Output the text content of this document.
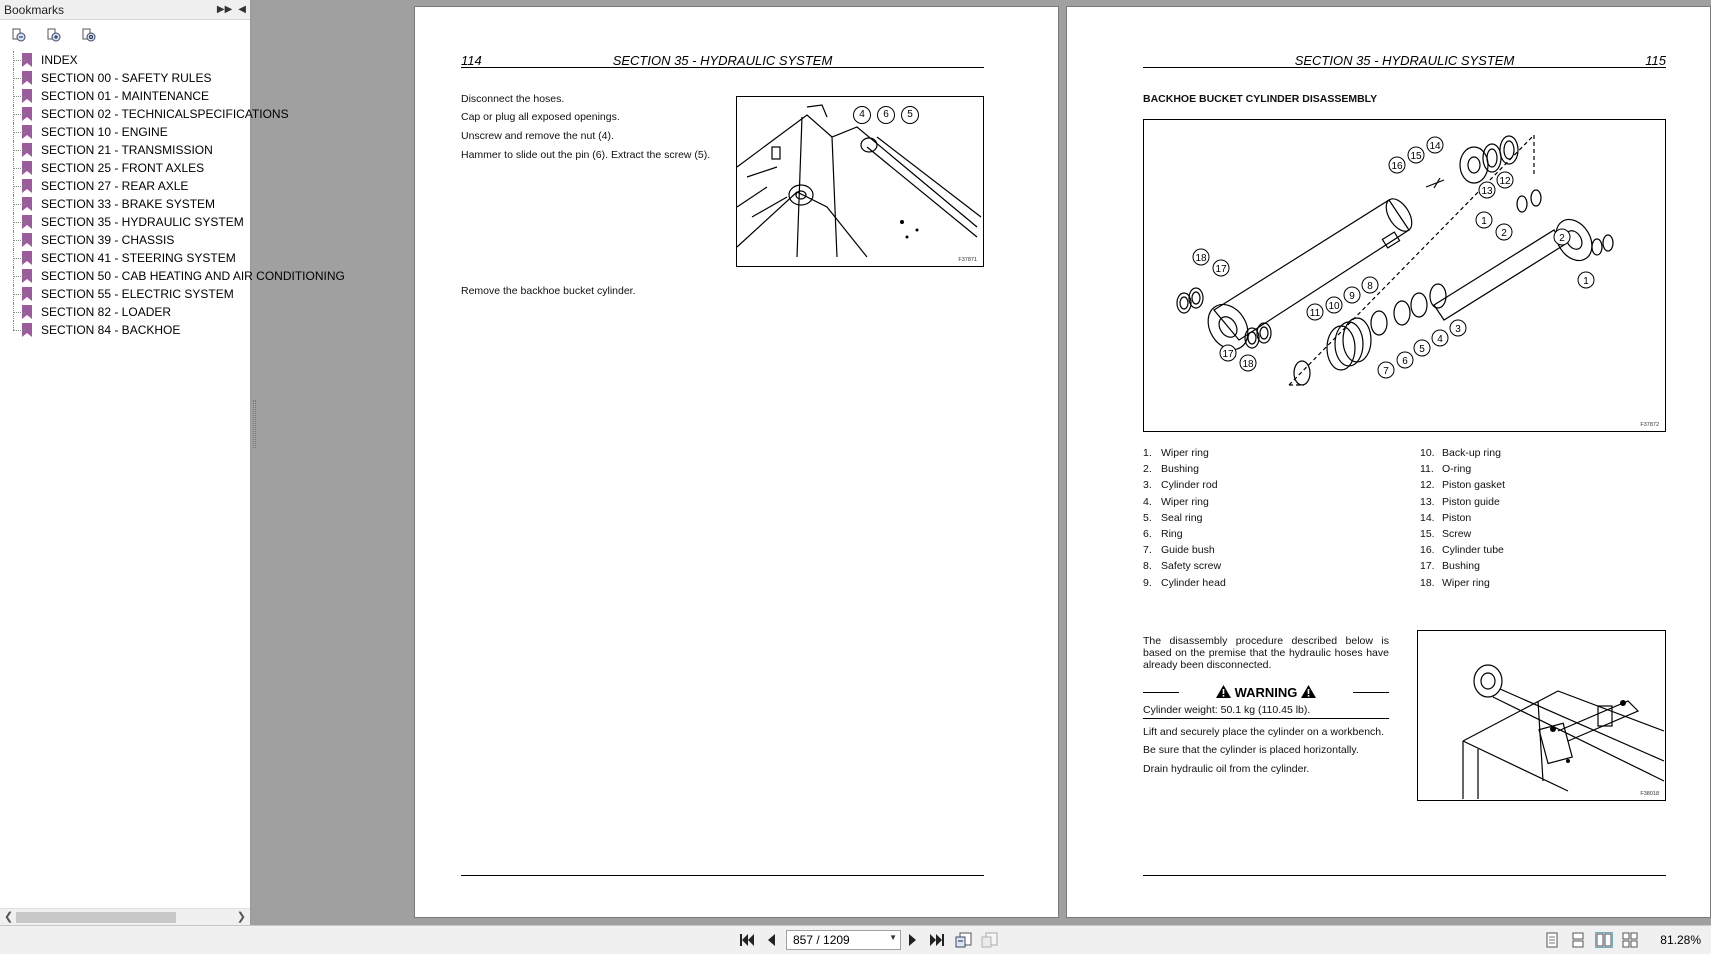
Bookmarks	▶▶ ◀
INDEX
SECTION 00 - SAFETY RULES
SECTION 01 - MAINTENANCE
SECTION 02 - TECHNICALSPECIFICATIONS
SECTION 10 - ENGINE
SECTION 21 - TRANSMISSION
SECTION 25 - FRONT AXLES
SECTION 27 - REAR AXLE
SECTION 33 - BRAKE SYSTEM
SECTION 35 - HYDRAULIC SYSTEM
SECTION 39 - CHASSIS
SECTION 41 - STEERING SYSTEM
SECTION 50 - CAB HEATING AND AIR CONDITIONING
SECTION 55 - ELECTRIC SYSTEM
SECTION 82 - LOADER
SECTION 84 - BACKHOE
❮	❯
114	SECTION 35 - HYDRAULIC SYSTEM
Disconnect the hoses.
Cap or plug all exposed openings.
Unscrew and remove the nut (4).
Hammer to slide out the pin (6). Extract the screw (5).
4	6	5
F37871
Remove the backhoe bucket cylinder.
SECTION 35 - HYDRAULIC SYSTEM	115
BACKHOE BUCKET CYLINDER DISASSEMBLY
14
15
16
12
13
1
2	2
1
18
17
17
18
8
9
10
11
3
4
5
6
7
F37872
1. Wiper ring
2. Bushing
3. Cylinder rod
4. Wiper ring
5. Seal ring
6. Ring
7. Guide bush
8. Safety screw
9. Cylinder head
10. Back-up ring
11. O-ring
12. Piston gasket
13. Piston guide
14. Piston
15. Screw
16. Cylinder tube
17. Bushing
18. Wiper ring
The disassembly procedure described below is based on the premise that the hydraulic hoses have already been disconnected.
WARNING
Cylinder weight: 50.1 kg (110.45 lb).
Lift and securely place the cylinder on a workbench.
Be sure that the cylinder is placed horizontally.
Drain hydraulic oil from the cylinder.
F38018
857 / 1209	▼	81.28%
